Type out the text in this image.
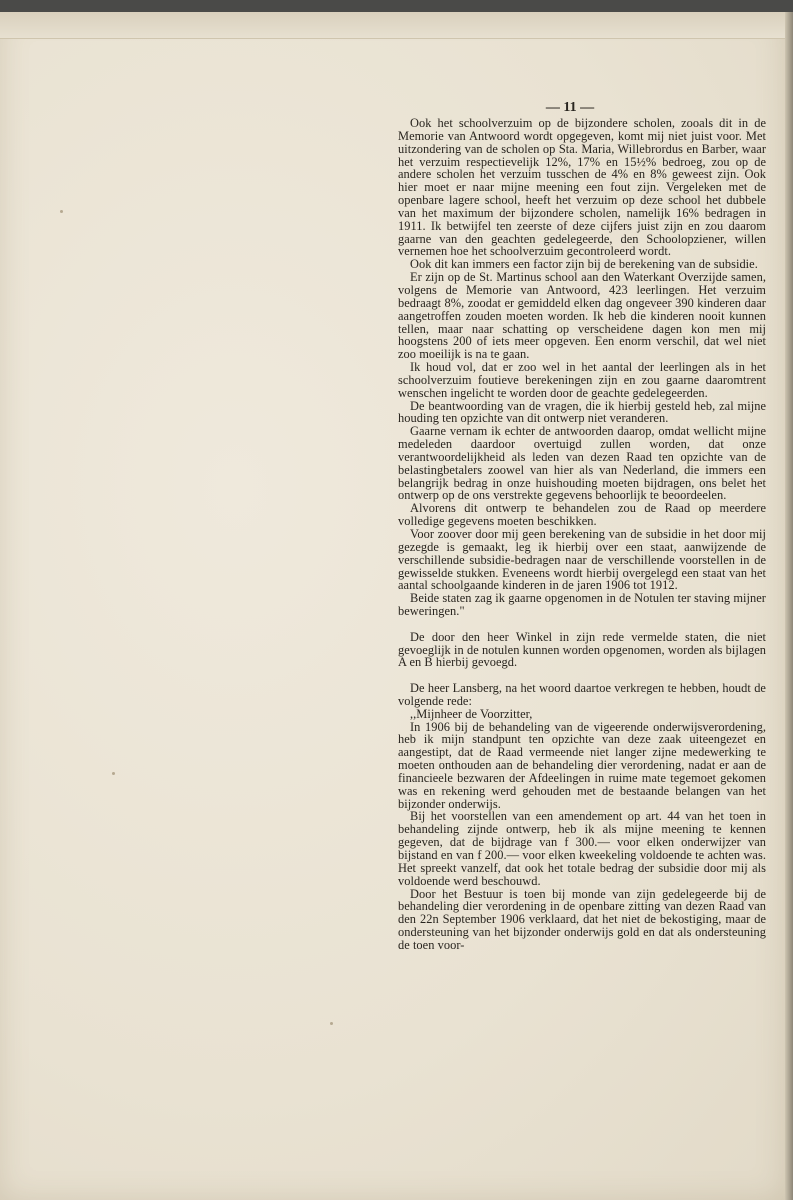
— 11 —

Ook het schoolverzuim op de bijzondere scholen, zooals dit in de Memorie van Antwoord wordt opgegeven, komt mij niet juist voor. Met uitzondering van de scholen op Sta. Maria, Willebrordus en Barber, waar het verzuim respectievelijk 12%, 17% en 15½% bedroeg, zou op de andere scholen het verzuim tusschen de 4% en 8% geweest zijn. Ook hier moet er naar mijne meening een fout zijn. Vergeleken met de openbare lagere school, heeft het verzuim op deze school het dubbele van het maximum der bijzondere scholen, namelijk 16% bedragen in 1911. Ik betwijfel ten zeerste of deze cijfers juist zijn en zou daarom gaarne van den geachten gedelegeerde, den Schoolopziener, willen vernemen hoe het schoolverzuim gecontroleerd wordt.

Ook dit kan immers een factor zijn bij de berekening van de subsidie.

Er zijn op de St. Martinus school aan den Waterkant Overzijde samen, volgens de Memorie van Antwoord, 423 leerlingen. Het verzuim bedraagt 8%, zoodat er gemiddeld elken dag ongeveer 390 kinderen daar aangetroffen zouden moeten worden. Ik heb die kinderen nooit kunnen tellen, maar naar schatting op verscheidene dagen kon men mij hoogstens 200 of iets meer opgeven. Een enorm verschil, dat wel niet zoo moeilijk is na te gaan.

Ik houd vol, dat er zoo wel in het aantal der leerlingen als in het schoolverzuim foutieve berekeningen zijn en zou gaarne daaromtrent wenschen ingelicht te worden door de geachte gedelegeerden.

De beantwoording van de vragen, die ik hierbij gesteld heb, zal mijne houding ten opzichte van dit ontwerp niet veranderen.

Gaarne vernam ik echter de antwoorden daarop, omdat wellicht mijne medeleden daardoor overtuigd zullen worden, dat onze verantwoordelijkheid als leden van dezen Raad ten opzichte van de belastingbetalers zoowel van hier als van Nederland, die immers een belangrijk bedrag in onze huishouding moeten bijdragen, ons belet het ontwerp op de ons verstrekte gegevens behoorlijk te beoordeelen.

Alvorens dit ontwerp te behandelen zou de Raad op meerdere volledige gegevens moeten beschikken.

Voor zoover door mij geen berekening van de subsidie in het door mij gezegde is gemaakt, leg ik hierbij over een staat, aanwijzende de verschillende subsidie-bedragen naar de verschillende voorstellen in de gewisselde stukken. Eveneens wordt hierbij overgelegd een staat van het aantal schoolgaande kinderen in de jaren 1906 tot 1912.

Beide staten zag ik gaarne opgenomen in de Notulen ter staving mijner beweringen."

De door den heer Winkel in zijn rede vermelde staten, die niet gevoeglijk in de notulen kunnen worden opgenomen, worden als bijlagen A en B hierbij gevoegd.

De heer Lansberg, na het woord daartoe verkregen te hebben, houdt de volgende rede:

,,Mijnheer de Voorzitter,

In 1906 bij de behandeling van de vigeerende onderwijsverordening, heb ik mijn standpunt ten opzichte van deze zaak uiteengezet en aangestipt, dat de Raad vermeende niet langer zijne medewerking te moeten onthouden aan de behandeling dier verordening, nadat er aan de financieele bezwaren der Afdeelingen in ruime mate tegemoet gekomen was en rekening werd gehouden met de bestaande belangen van het bijzonder onderwijs.

Bij het voorstellen van een amendement op art. 44 van het toen in behandeling zijnde ontwerp, heb ik als mijne meening te kennen gegeven, dat de bijdrage van f 300.— voor elken onderwijzer van bijstand en van f 200.— voor elken kweekeling voldoende te achten was. Het spreekt vanzelf, dat ook het totale bedrag der subsidie door mij als voldoende werd beschouwd.

Door het Bestuur is toen bij monde van zijn gedelegeerde bij de behandeling dier verordening in de openbare zitting van dezen Raad van den 22n September 1906 verklaard, dat het niet de bekostiging, maar de ondersteuning van het bijzonder onderwijs gold en dat als ondersteuning de toen voor-
